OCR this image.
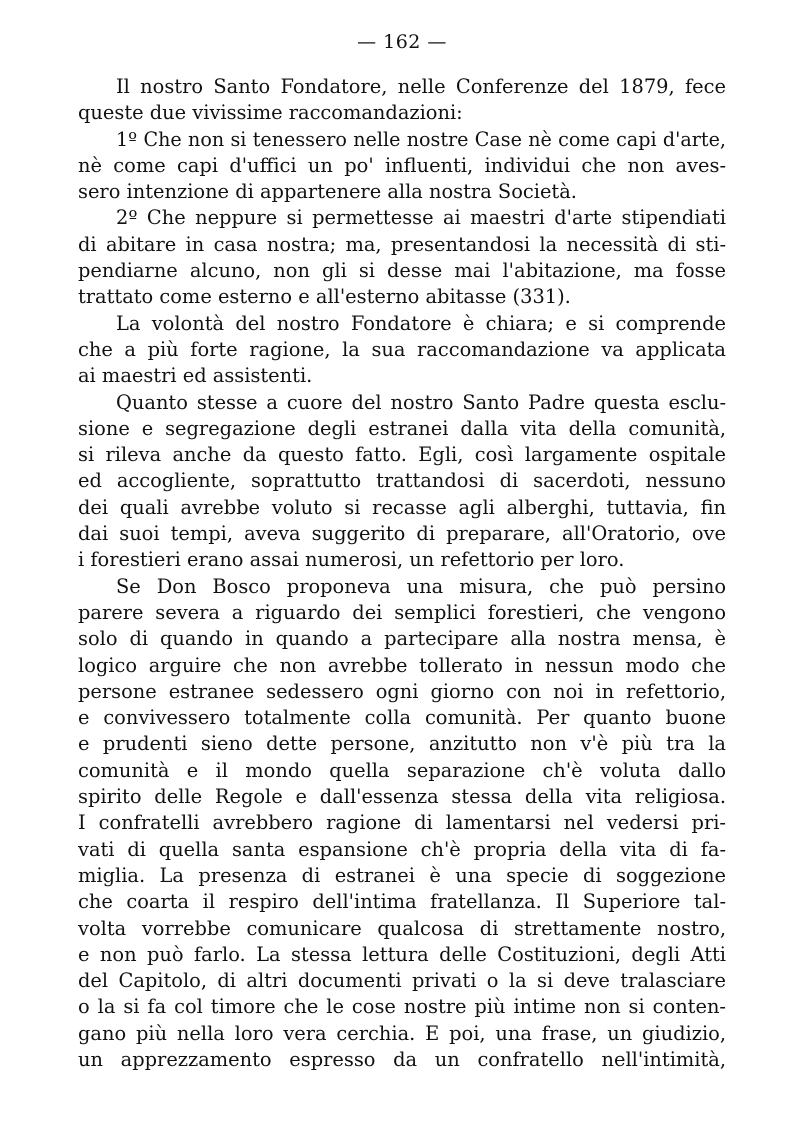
— 162 —
Il nostro Santo Fondatore, nelle Conferenze del 1879, fece
queste due vivissime raccomandazioni:
1º Che non si tenessero nelle nostre Case nè come capi d'arte,
nè come capi d'uffici un po' influenti, individui che non aves-
sero intenzione di appartenere alla nostra Società.
2º Che neppure si permettesse ai maestri d'arte stipendiati
di abitare in casa nostra; ma, presentandosi la necessità di sti-
pendiarne alcuno, non gli si desse mai l'abitazione, ma fosse
trattato come esterno e all'esterno abitasse (331).
La volontà del nostro Fondatore è chiara; e si comprende
che a più forte ragione, la sua raccomandazione va applicata
ai maestri ed assistenti.
Quanto stesse a cuore del nostro Santo Padre questa esclu-
sione e segregazione degli estranei dalla vita della comunità,
si rileva anche da questo fatto. Egli, così largamente ospitale
ed accogliente, soprattutto trattandosi di sacerdoti, nessuno
dei quali avrebbe voluto si recasse agli alberghi, tuttavia, fin
dai suoi tempi, aveva suggerito di preparare, all'Oratorio, ove
i forestieri erano assai numerosi, un refettorio per loro.
Se Don Bosco proponeva una misura, che può persino
parere severa a riguardo dei semplici forestieri, che vengono
solo di quando in quando a partecipare alla nostra mensa, è
logico arguire che non avrebbe tollerato in nessun modo che
persone estranee sedessero ogni giorno con noi in refettorio,
e convivessero totalmente colla comunità. Per quanto buone
e prudenti sieno dette persone, anzitutto non v'è più tra la
comunità e il mondo quella separazione ch'è voluta dallo
spirito delle Regole e dall'essenza stessa della vita religiosa.
I confratelli avrebbero ragione di lamentarsi nel vedersi pri-
vati di quella santa espansione ch'è propria della vita di fa-
miglia. La presenza di estranei è una specie di soggezione
che coarta il respiro dell'intima fratellanza. Il Superiore tal-
volta vorrebbe comunicare qualcosa di strettamente nostro,
e non può farlo. La stessa lettura delle Costituzioni, degli Atti
del Capitolo, di altri documenti privati o la si deve tralasciare
o la si fa col timore che le cose nostre più intime non si conten-
gano più nella loro vera cerchia. E poi, una frase, un giudizio,
un apprezzamento espresso da un confratello nell'intimità,
